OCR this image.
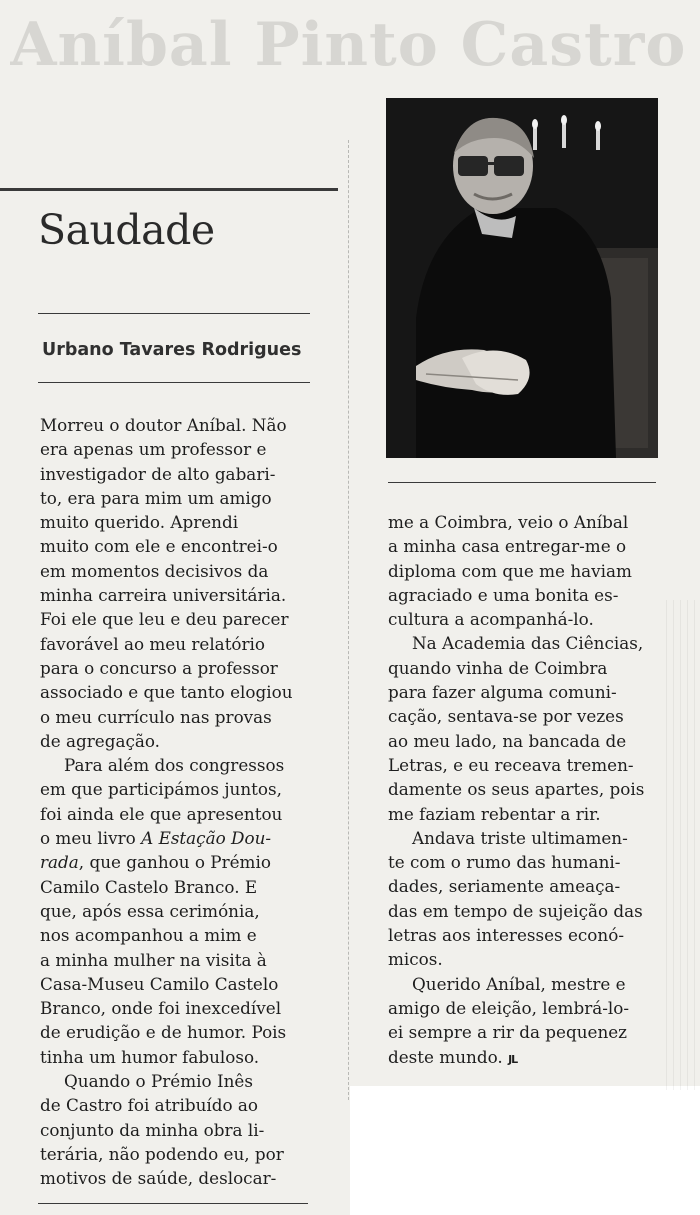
Aníbal Pinto Castro
Saudade
Urbano Tavares Rodrigues

Morreu o doutor Aníbal. Não
era apenas um professor e
investigador de alto gabari-
to, era para mim um amigo
muito querido. Aprendi
muito com ele e encontrei-o
em momentos decisivos da
minha carreira universitária.
Foi ele que leu e deu parecer
favorável ao meu relatório
para o concurso a professor
associado e que tanto elogiou
o meu currículo nas provas
de agregação.

Para além dos congressos
em que participámos juntos,
foi ainda ele que apresentou
o meu livro A Estação Dou-
rada, que ganhou o Prémio
Camilo Castelo Branco. E
que, após essa cerimónia,
nos acompanhou a mim e
a minha mulher na visita à
Casa-Museu Camilo Castelo
Branco, onde foi inexcedível
de erudição e de humor. Pois
tinha um humor fabuloso.

Quando o Prémio Inês
de Castro foi atribuído ao
conjunto da minha obra li-
terária, não podendo eu, por
motivos de saúde, deslocar-

me a Coimbra, veio o Aníbal
a minha casa entregar-me o
diploma com que me haviam
agraciado e uma bonita es-
cultura a acompanhá-lo.

Na Academia das Ciências,
quando vinha de Coimbra
para fazer alguma comuni-
cação, sentava-se por vezes
ao meu lado, na bancada de
Letras, e eu receava tremen-
damente os seus apartes, pois
me faziam rebentar a rir.

Andava triste ultimamen-
te com o rumo das humani-
dades, seriamente ameaça-
das em tempo de sujeição das
letras aos interesses econó-
micos.

Querido Aníbal, mestre e
amigo de eleição, lembrá-lo-
ei sempre a rir da pequenez
deste mundo. JL
